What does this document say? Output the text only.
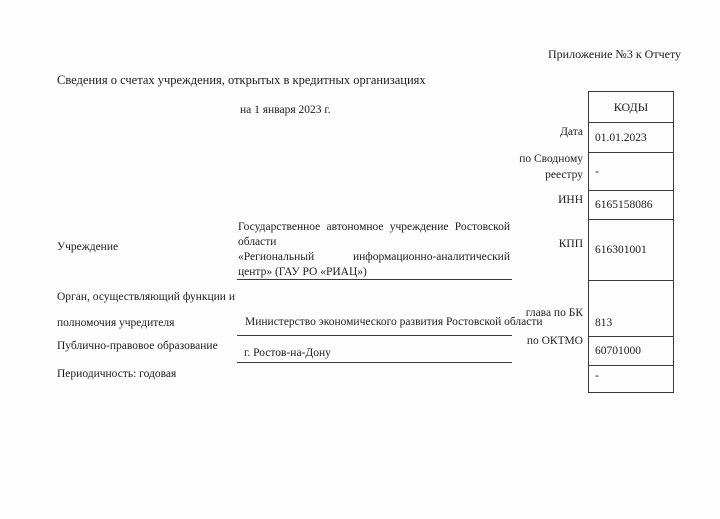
Приложение №3 к Отчету
Сведения о счетах учреждения, открытых в кредитных организациях
на 1 января 2023 г.
Учреждение
Орган, осуществляющий функции и полномочия учредителя
Публично-правовое образование
Периодичность: годовая

Государственное автономное учреждение Ростовской области

«Региональный информационно-аналитический центр» (ГАУ РО «РИАЦ»)

Министерство экономического развития Ростовской области
г. Ростов-на-Дону
Дата
по Сводному реестру
ИНН
КПП
глава по БК
по ОКТМО
КОДЫ
01.01.2023
-
6165158086
616301001
813
60701000
-
